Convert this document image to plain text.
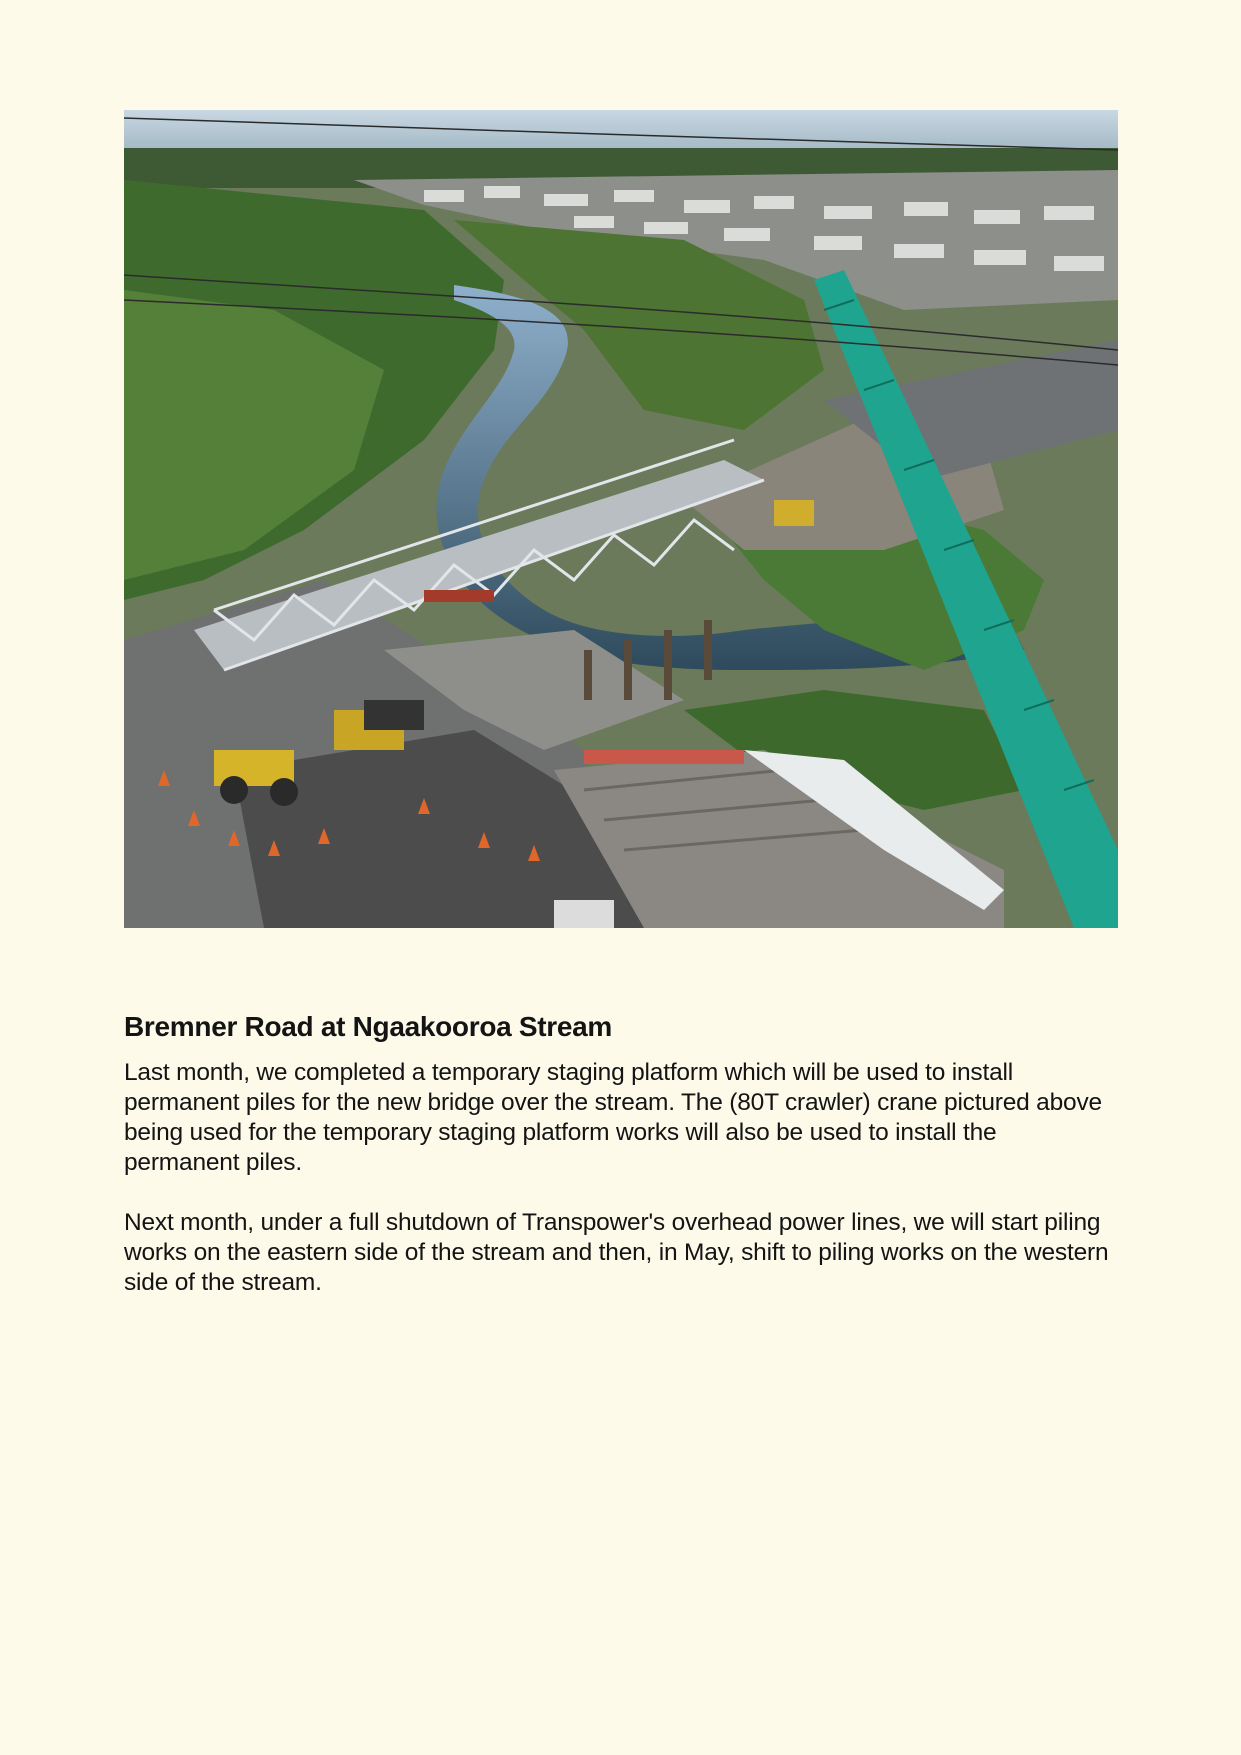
Bremner Road at Ngaakooroa Stream

Last month, we completed a temporary staging platform which will be used to install permanent piles for the new bridge over the stream. The (80T crawler) crane pictured above being used for the temporary staging platform works will also be used to install the permanent piles.

Next month, under a full shutdown of Transpower's overhead power lines, we will start piling works on the eastern side of the stream and then, in May, shift to piling works on the western side of the stream.
